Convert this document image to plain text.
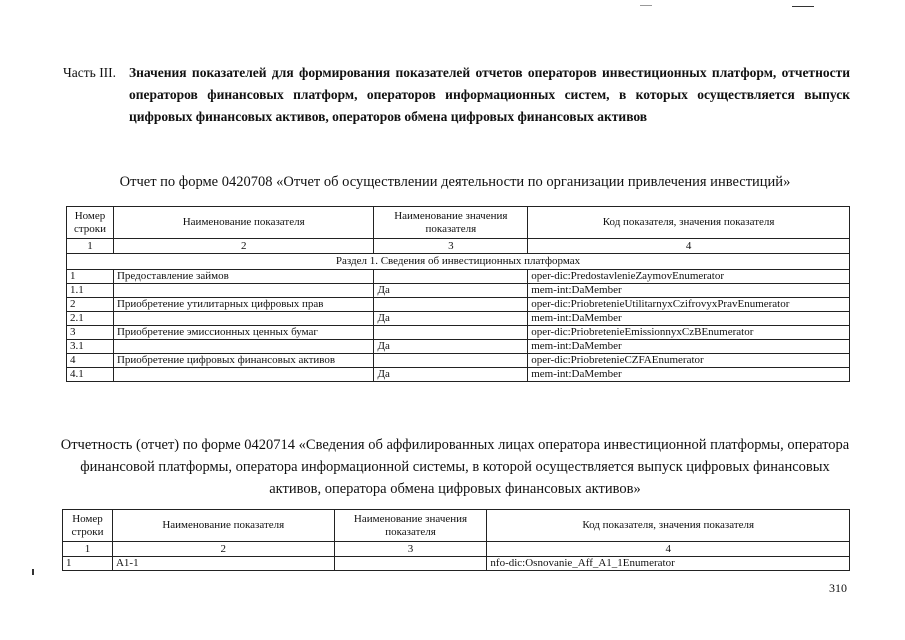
Часть III. Значения показателей для формирования показателей отчетов операторов инвестиционных платформ, отчетности операторов финансовых платформ, операторов информационных систем, в которых осуществляется выпуск цифровых финансовых активов, операторов обмена цифровых финансовых активов
Отчет по форме 0420708 «Отчет об осуществлении деятельности по организации привлечения инвестиций»
Номер строки	Наименование показателя	Наименование значения показателя	Код показателя, значения показателя
1	2	3	4
Раздел 1. Сведения об инвестиционных платформах			
1	Предоставление займов		oper-dic:PredostavlenieZaymovEnumerator
1.1		Да	mem-int:DaMember
2	Приобретение утилитарных цифровых прав		oper-dic:PriobretenieUtilitarnyxCzifrovyxPravEnumerator
2.1		Да	mem-int:DaMember
3	Приобретение эмиссионных ценных бумаг		oper-dic:PriobretenieEmissionnyxCzBEnumerator
3.1		Да	mem-int:DaMember
4	Приобретение цифровых финансовых активов		oper-dic:PriobretenieCZFAEnumerator
4.1		Да	mem-int:DaMember
Отчетность (отчет) по форме 0420714 «Сведения об аффилированных лицах оператора инвестиционной платформы, оператора финансовой платформы, оператора информационной системы, в которой осуществляется выпуск цифровых финансовых активов, оператора обмена цифровых финансовых активов»
Номер строки	Наименование показателя	Наименование значения показателя	Код показателя, значения показателя
1	2	3	4
1	A1-1		nfo-dic:Osnovanie_Aff_A1_1Enumerator
310
